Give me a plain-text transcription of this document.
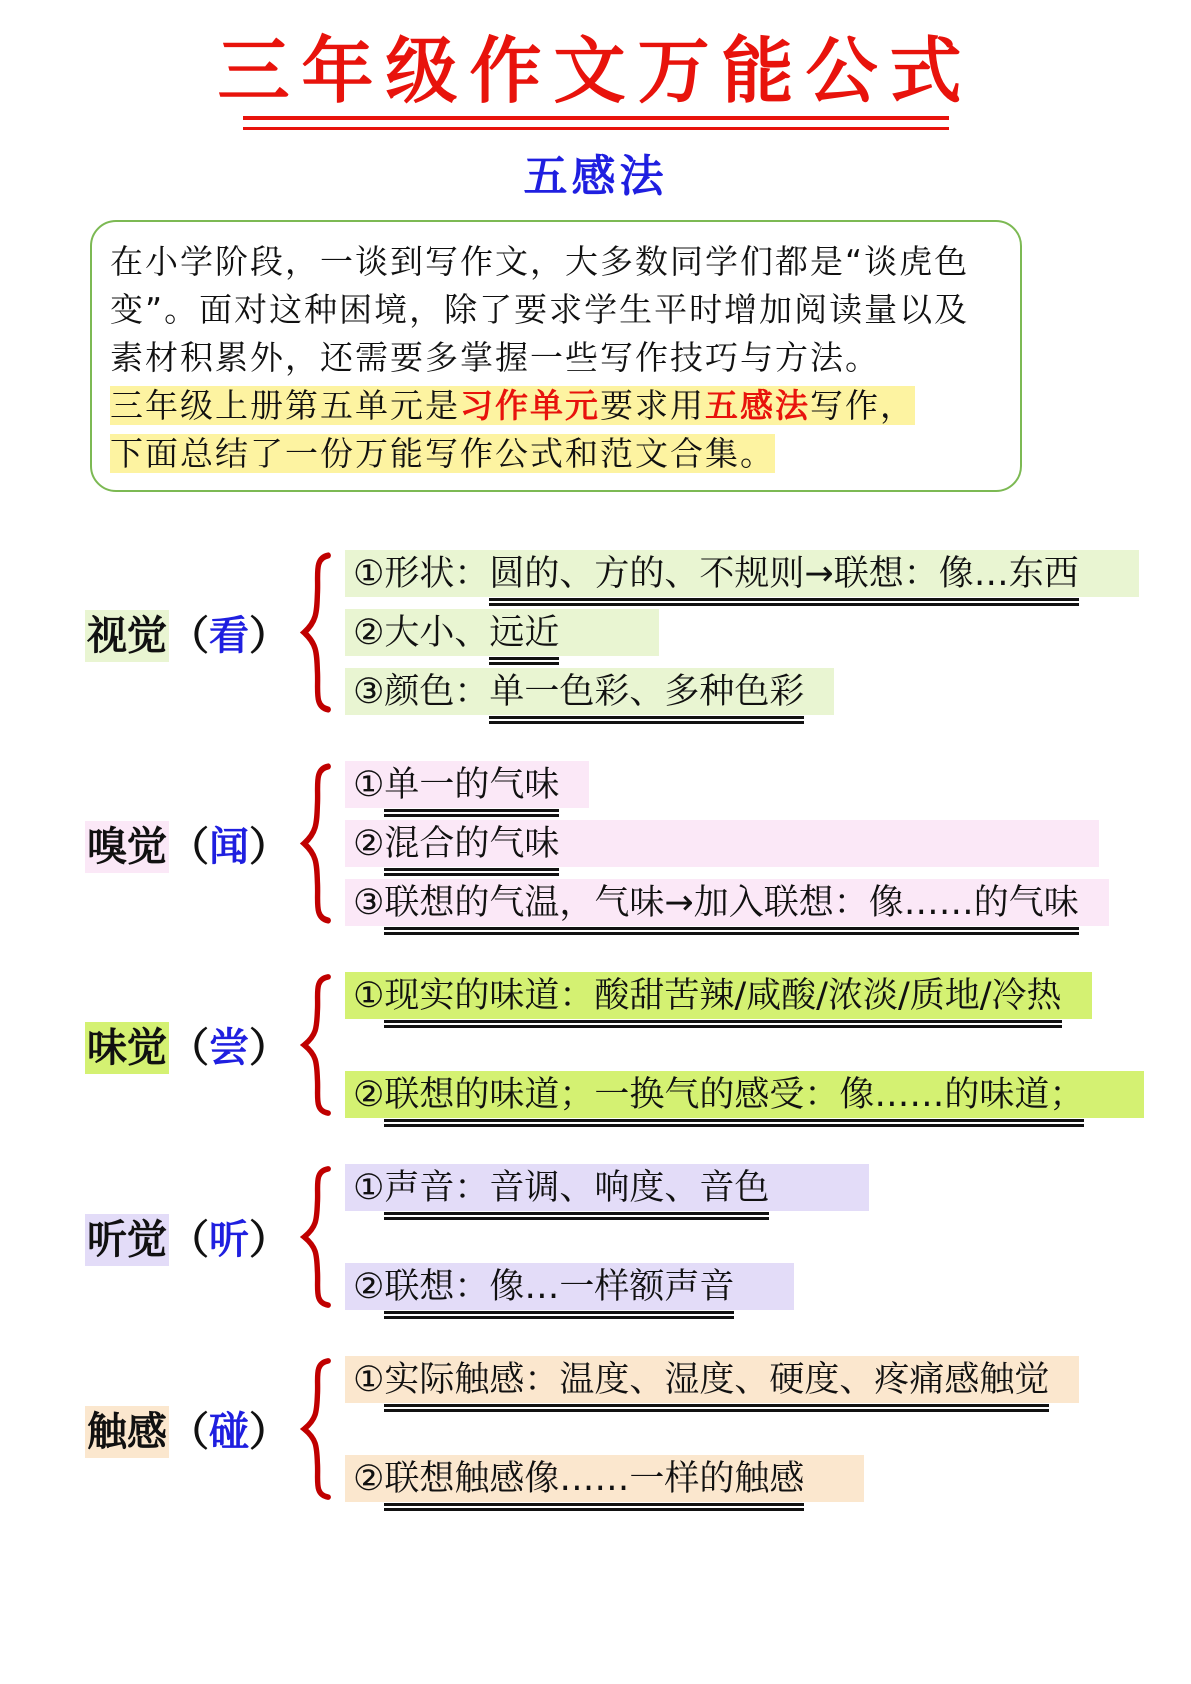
三年级作文万能公式
五感法
在小学阶段，一谈到写作文，大多数同学们都是“谈虎色
变”。面对这种困境，除了要求学生平时增加阅读量以及
素材积累外，还需要多掌握一些写作技巧与方法。
三年级上册第五单元是习作单元要求用五感法写作，
下面总结了一份万能写作公式和范文合集。
视觉（看）
①形状：圆的、方的、不规则→联想：像…东西
②大小、远近
③颜色：单一色彩、多种色彩
嗅觉（闻）
①单一的气味
②混合的气味
③联想的气温，气味→加入联想：像……的气味
味觉（尝）
①现实的味道：酸甜苦辣/咸酸/浓淡/质地/冷热
②联想的味道；一换气的感受：像……的味道；
听觉（听）
①声音：音调、响度、音色
②联想：像…一样额声音
触感（碰）
①实际触感：温度、湿度、硬度、疼痛感触觉
②联想触感像……一样的触感
